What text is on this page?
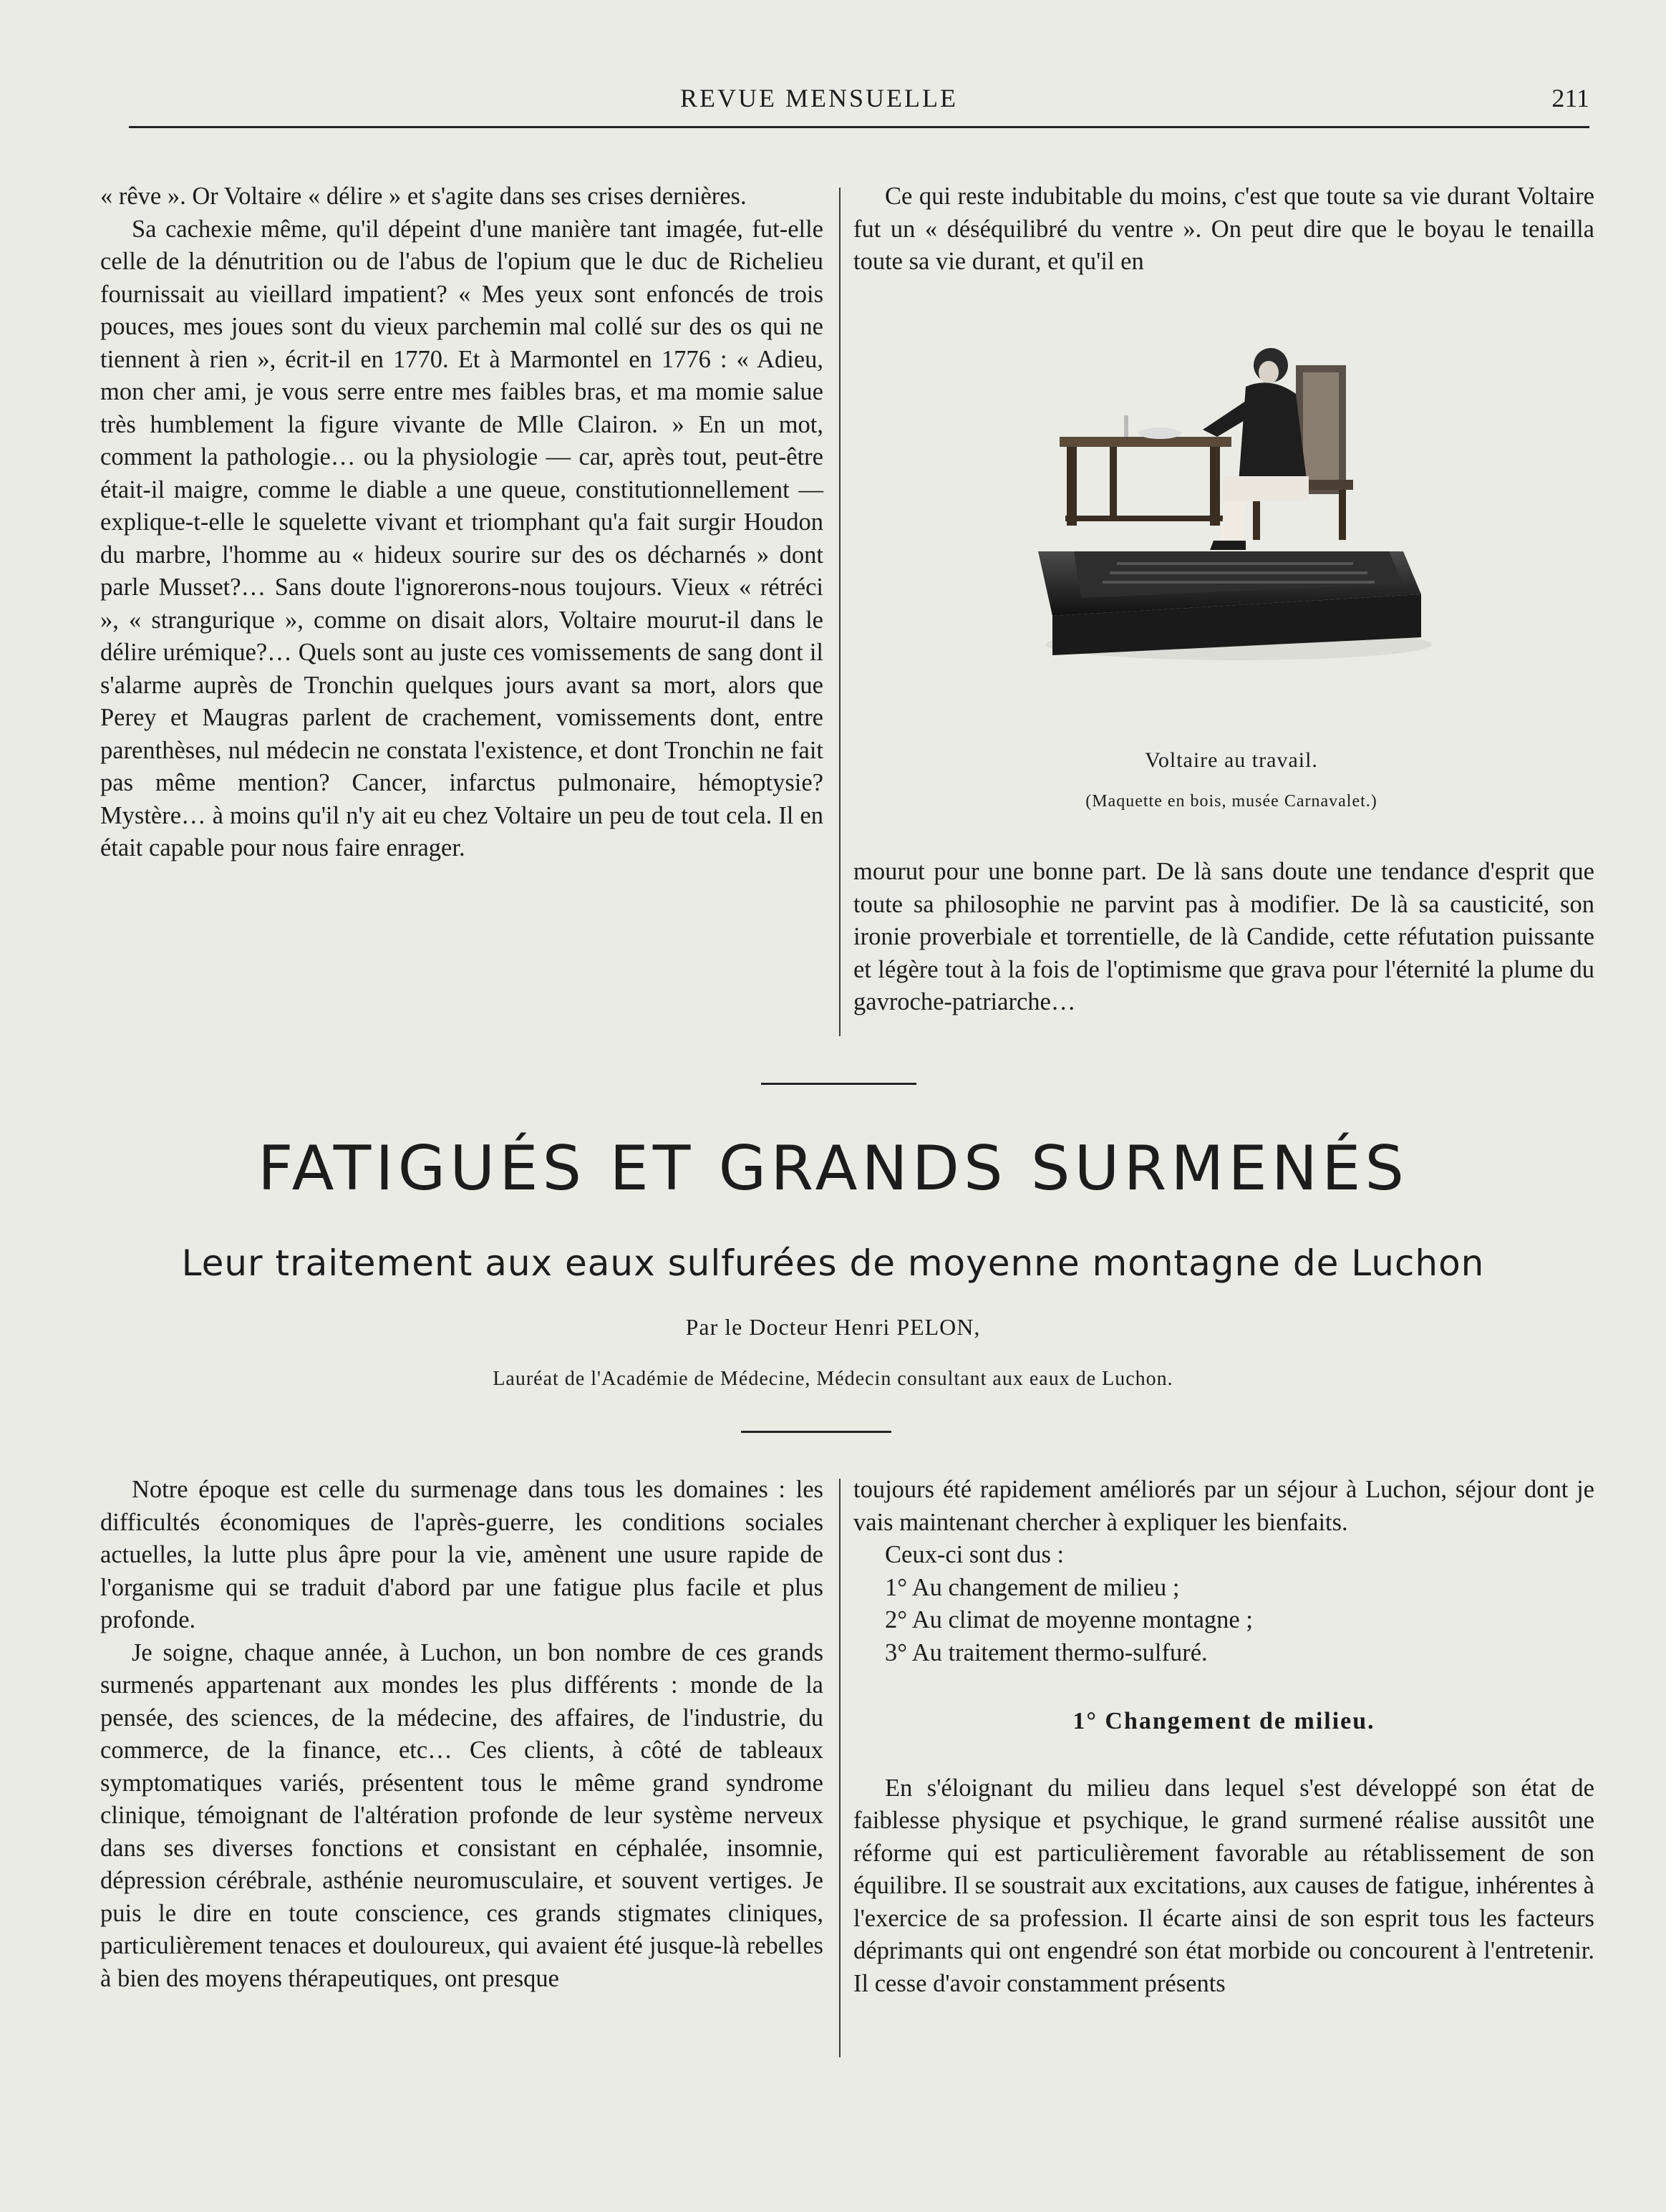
REVUE MENSUELLE	211

« rêve ». Or Voltaire « délire » et s'agite dans ses crises dernières.

Sa cachexie même, qu'il dépeint d'une manière tant imagée, fut-elle celle de la dénutrition ou de l'abus de l'opium que le duc de Richelieu fournissait au vieillard impatient? « Mes yeux sont enfoncés de trois pouces, mes joues sont du vieux parchemin mal collé sur des os qui ne tiennent à rien », écrit-il en 1770. Et à Marmontel en 1776 : « Adieu, mon cher ami, je vous serre entre mes faibles bras, et ma momie salue très humblement la figure vivante de Mlle Clairon. » En un mot, comment la pathologie… ou la physiologie — car, après tout, peut-être était-il maigre, comme le diable a une queue, constitutionnellement — explique-t-elle le squelette vivant et triomphant qu'a fait surgir Houdon du marbre, l'homme au « hideux sourire sur des os décharnés » dont parle Musset?… Sans doute l'ignorerons-nous toujours. Vieux « rétréci », « strangurique », comme on disait alors, Voltaire mourut-il dans le délire urémique?… Quels sont au juste ces vomissements de sang dont il s'alarme auprès de Tronchin quelques jours avant sa mort, alors que Perey et Maugras parlent de crachement, vomissements dont, entre parenthèses, nul médecin ne constata l'existence, et dont Tronchin ne fait pas même mention? Cancer, infarctus pulmonaire, hémoptysie? Mystère… à moins qu'il n'y ait eu chez Voltaire un peu de tout cela. Il en était capable pour nous faire enrager.

Ce qui reste indubitable du moins, c'est que toute sa vie durant Voltaire fut un « déséquilibré du ventre ». On peut dire que le boyau le tenailla toute sa vie durant, et qu'il en

Voltaire au travail.
(Maquette en bois, musée Carnavalet.)

mourut pour une bonne part. De là sans doute une tendance d'esprit que toute sa philosophie ne parvint pas à modifier. De là sa causticité, son ironie proverbiale et torrentielle, de là Candide, cette réfutation puissante et légère tout à la fois de l'optimisme que grava pour l'éternité la plume du gavroche-patriarche…

FATIGUÉS ET GRANDS SURMENÉS
Leur traitement aux eaux sulfurées de moyenne montagne de Luchon
Par le Docteur Henri PELON,
Lauréat de l'Académie de Médecine, Médecin consultant aux eaux de Luchon.

Notre époque est celle du surmenage dans tous les domaines : les difficultés économiques de l'après-guerre, les conditions sociales actuelles, la lutte plus âpre pour la vie, amènent une usure rapide de l'organisme qui se traduit d'abord par une fatigue plus facile et plus profonde.

Je soigne, chaque année, à Luchon, un bon nombre de ces grands surmenés appartenant aux mondes les plus différents : monde de la pensée, des sciences, de la médecine, des affaires, de l'industrie, du commerce, de la finance, etc… Ces clients, à côté de tableaux symptomatiques variés, présentent tous le même grand syndrome clinique, témoignant de l'altération profonde de leur système nerveux dans ses diverses fonctions et consistant en céphalée, insomnie, dépression cérébrale, asthénie neuromusculaire, et souvent vertiges. Je puis le dire en toute conscience, ces grands stigmates cliniques, particulièrement tenaces et douloureux, qui avaient été jusque-là rebelles à bien des moyens thérapeutiques, ont presque

toujours été rapidement améliorés par un séjour à Luchon, séjour dont je vais maintenant chercher à expliquer les bienfaits.

Ceux-ci sont dus :

1° Au changement de milieu ;

2° Au climat de moyenne montagne ;

3° Au traitement thermo-sulfuré.

1° Changement de milieu.

En s'éloignant du milieu dans lequel s'est développé son état de faiblesse physique et psychique, le grand surmené réalise aussitôt une réforme qui est particulièrement favorable au rétablissement de son équilibre. Il se soustrait aux excitations, aux causes de fatigue, inhérentes à l'exercice de sa profession. Il écarte ainsi de son esprit tous les facteurs déprimants qui ont engendré son état morbide ou concourent à l'entretenir. Il cesse d'avoir constamment présents
